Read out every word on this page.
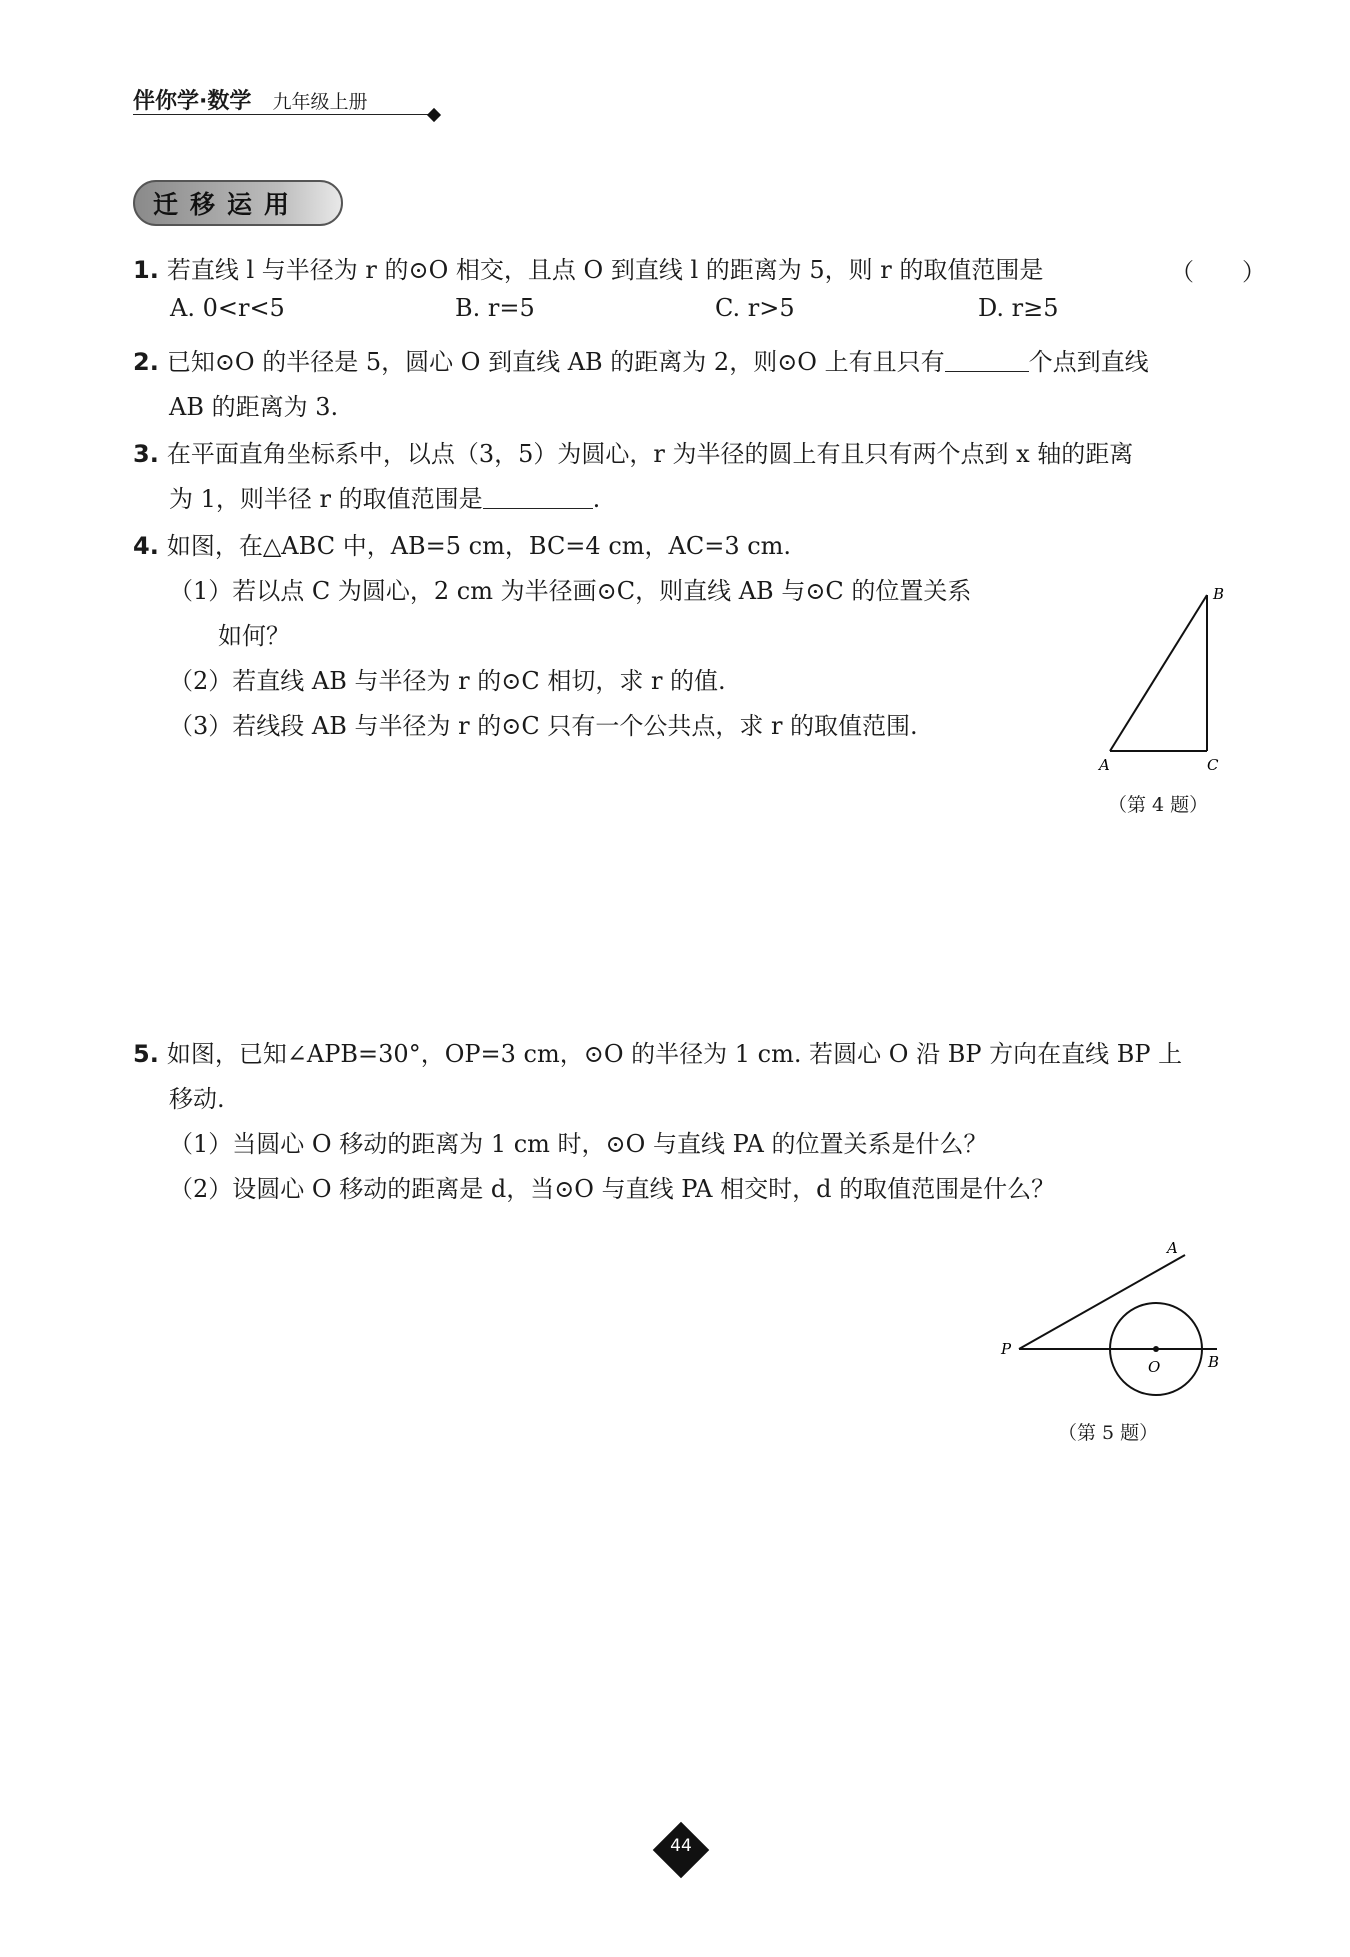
伴你学·数学 九年级上册
迁移运用
1. 若直线 l 与半径为 r 的⊙O 相交，且点 O 到直线 l 的距离为 5，则 r 的取值范围是	（　　）
A. 0<r<5	B. r=5	C. r>5	D. r≥5
2. 已知⊙O 的半径是 5，圆心 O 到直线 AB 的距离为 2，则⊙O 上有且只有	个点到直线
AB 的距离为 3.
3. 在平面直角坐标系中，以点（3，5）为圆心，r 为半径的圆上有且只有两个点到 x 轴的距离
为 1，则半径 r 的取值范围是	.
4. 如图，在△ABC 中，AB=5 cm，BC=4 cm，AC=3 cm.
（1）若以点 C 为圆心，2 cm 为半径画⊙C，则直线 AB 与⊙C 的位置关系
如何？
（2）若直线 AB 与半径为 r 的⊙C 相切，求 r 的值.
（3）若线段 AB 与半径为 r 的⊙C 只有一个公共点，求 r 的取值范围.
B
A	C
（第 4 题）
5. 如图，已知∠APB=30°，OP=3 cm，⊙O 的半径为 1 cm. 若圆心 O 沿 BP 方向在直线 BP 上
移动.
（1）当圆心 O 移动的距离为 1 cm 时，⊙O 与直线 PA 的位置关系是什么？
（2）设圆心 O 移动的距离是 d，当⊙O 与直线 PA 相交时，d 的取值范围是什么？
A
P
O	B
（第 5 题）
44
